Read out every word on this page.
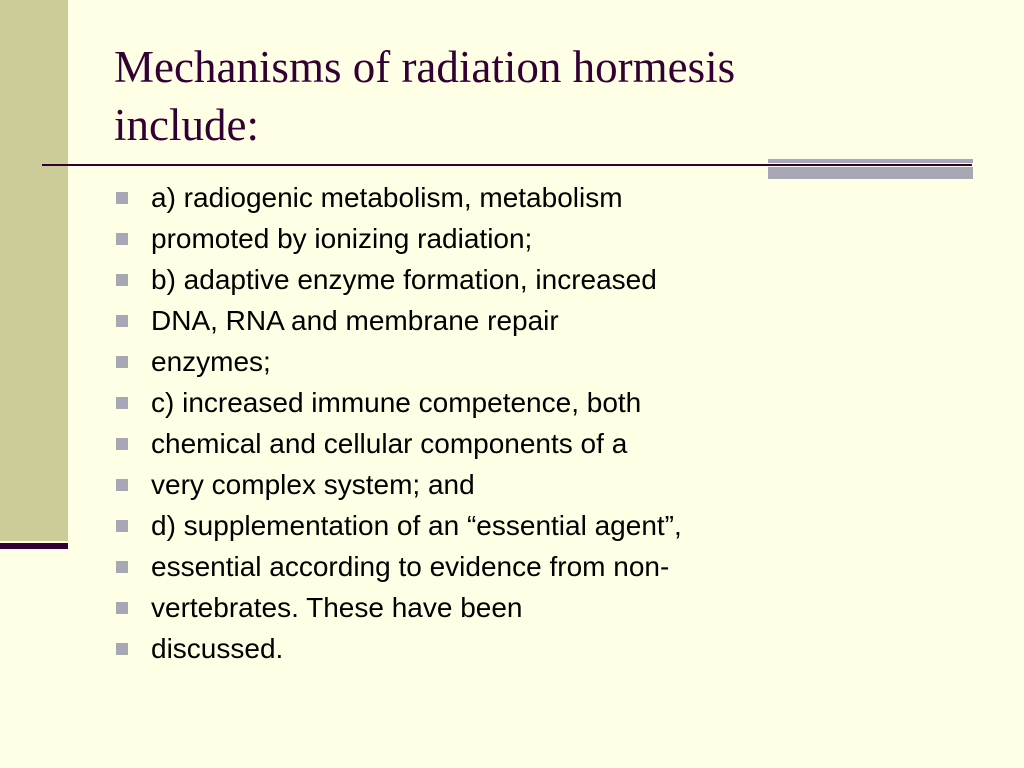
Mechanisms of radiation hormesis
include:
a) radiogenic metabolism, metabolism
promoted by ionizing radiation;
b) adaptive enzyme formation, increased
DNA, RNA and membrane repair
enzymes;
c) increased immune competence, both
chemical and cellular components of a
very complex system; and
d) supplementation of an “essential agent”,
essential according to evidence from non-
vertebrates. These have been
discussed.
